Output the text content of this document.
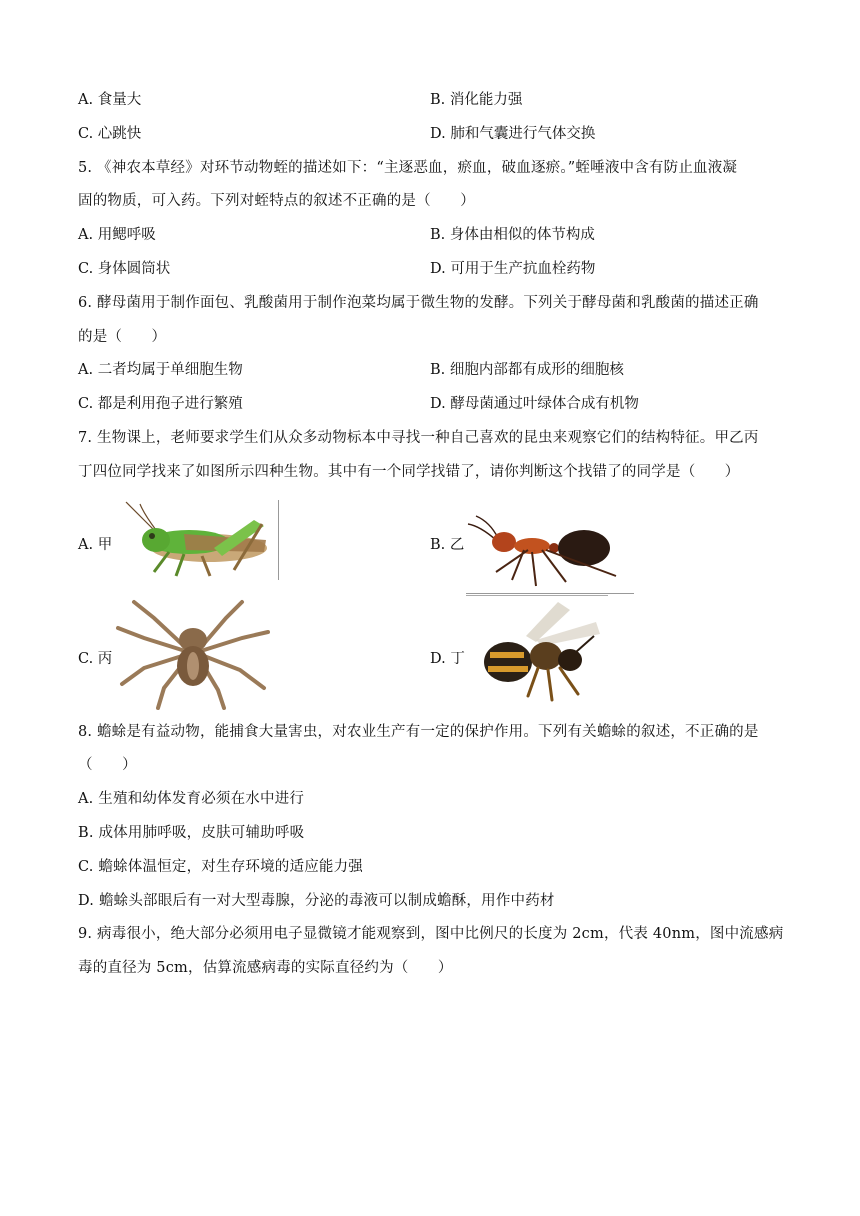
A. 食量大	B. 消化能力强
C. 心跳快	D. 肺和气囊进行气体交换
5. 《神农本草经》对环节动物蛭的描述如下：“主逐恶血，瘀血，破血逐瘀。”蛭唾液中含有防止血液凝
固的物质，可入药。下列对蛭特点的叙述不正确的是（　　）
A. 用鳃呼吸	B. 身体由相似的体节构成
C. 身体圆筒状	D. 可用于生产抗血栓药物
6. 酵母菌用于制作面包、乳酸菌用于制作泡菜均属于微生物的发酵。下列关于酵母菌和乳酸菌的描述正确
的是（　　）
A. 二者均属于单细胞生物	B. 细胞内部都有成形的细胞核
C. 都是利用孢子进行繁殖	D. 酵母菌通过叶绿体合成有机物
7. 生物课上，老师要求学生们从众多动物标本中寻找一种自己喜欢的昆虫来观察它们的结构特征。甲乙丙
丁四位同学找来了如图所示四种生物。其中有一个同学找错了，请你判断这个找错了的同学是（　　）
A. 甲	B. 乙
C. 丙	D. 丁
8. 蟾蜍是有益动物，能捕食大量害虫，对农业生产有一定的保护作用。下列有关蟾蜍的叙述，不正确的是
（　　）
A. 生殖和幼体发育必须在水中进行
B. 成体用肺呼吸，皮肤可辅助呼吸
C. 蟾蜍体温恒定，对生存环境的适应能力强
D. 蟾蜍头部眼后有一对大型毒腺，分泌的毒液可以制成蟾酥，用作中药材
9. 病毒很小，绝大部分必须用电子显微镜才能观察到，图中比例尺的长度为 2cm，代表 40nm，图中流感病
毒的直径为 5cm，估算流感病毒的实际直径约为（　　）
